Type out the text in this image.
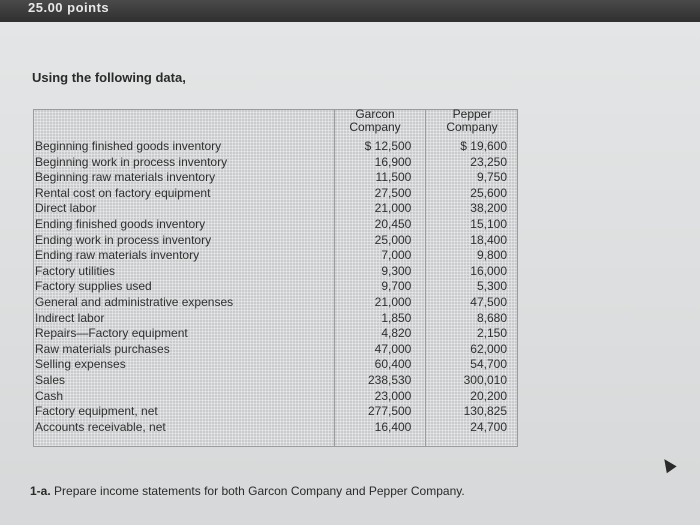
25.00 points
Using the following data,
Garcon
Company
Pepper
Company
Beginning finished goods inventory	$ 12,500	$ 19,600
Beginning work in process inventory	16,900	23,250
Beginning raw materials inventory	11,500	9,750
Rental cost on factory equipment	27,500	25,600
Direct labor	21,000	38,200
Ending finished goods inventory	20,450	15,100
Ending work in process inventory	25,000	18,400
Ending raw materials inventory	7,000	9,800
Factory utilities	9,300	16,000
Factory supplies used	9,700	5,300
General and administrative expenses	21,000	47,500
Indirect labor	1,850	8,680
Repairs—Factory equipment	4,820	2,150
Raw materials purchases	47,000	62,000
Selling expenses	60,400	54,700
Sales	238,530	300,010
Cash	23,000	20,200
Factory equipment, net	277,500	130,825
Accounts receivable, net	16,400	24,700
1-a. Prepare income statements for both Garcon Company and Pepper Company.
